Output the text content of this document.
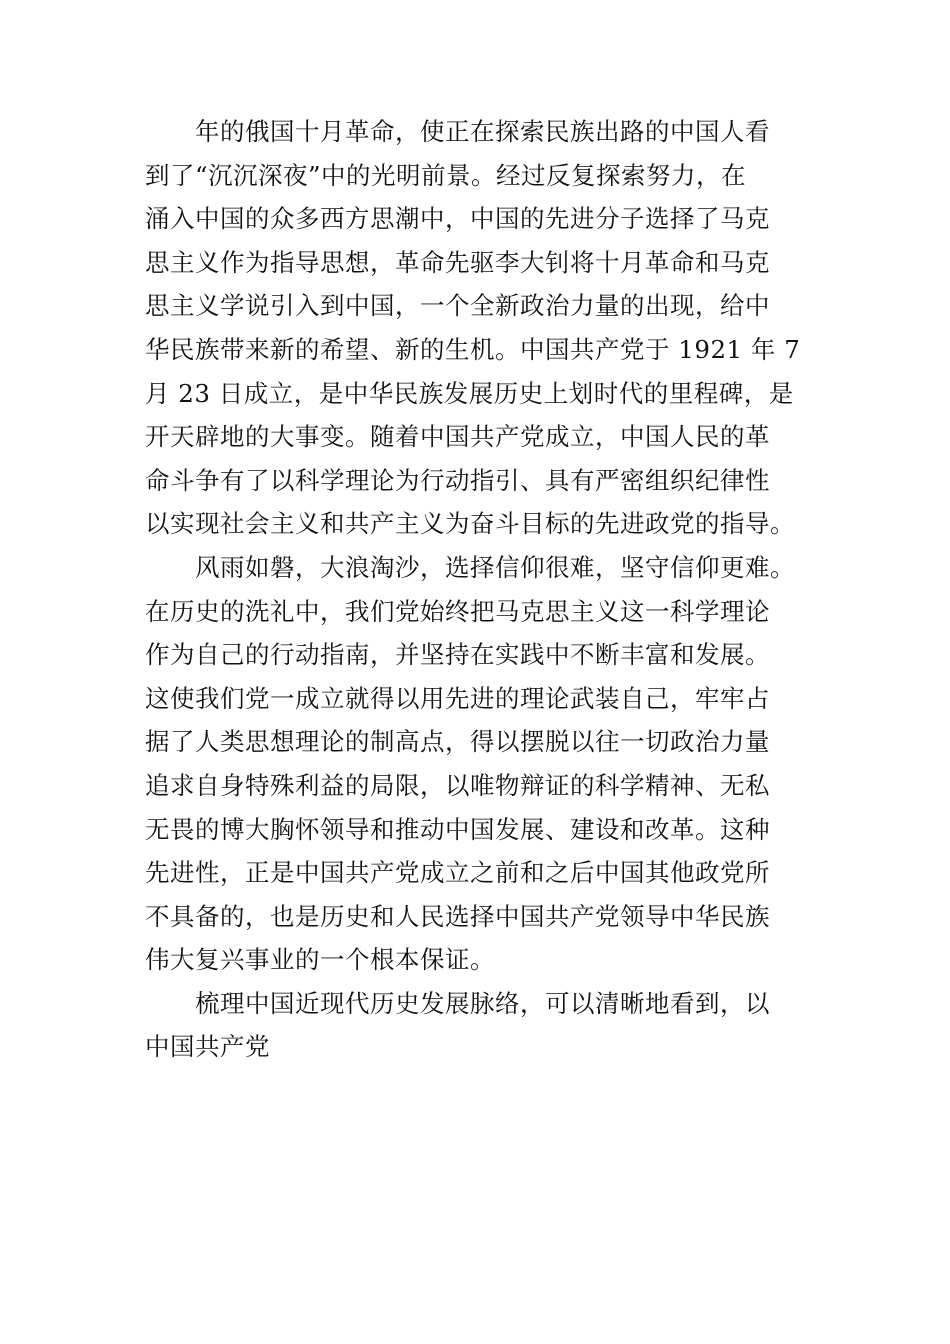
年的俄国十月革命，使正在探索民族出路的中国人看
到了“沉沉深夜”中的光明前景。经过反复探索努力，在
涌入中国的众多西方思潮中，中国的先进分子选择了马克
思主义作为指导思想，革命先驱李大钊将十月革命和马克
思主义学说引入到中国，一个全新政治力量的出现，给中
华民族带来新的希望、新的生机。中国共产党于 1921 年 7
月 23 日成立，是中华民族发展历史上划时代的里程碑，是
开天辟地的大事变。随着中国共产党成立，中国人民的革
命斗争有了以科学理论为行动指引、具有严密组织纪律性
以实现社会主义和共产主义为奋斗目标的先进政党的指导。
风雨如磐，大浪淘沙，选择信仰很难，坚守信仰更难。
在历史的洗礼中，我们党始终把马克思主义这一科学理论
作为自己的行动指南，并坚持在实践中不断丰富和发展。
这使我们党一成立就得以用先进的理论武装自己，牢牢占
据了人类思想理论的制高点，得以摆脱以往一切政治力量
追求自身特殊利益的局限，以唯物辩证的科学精神、无私
无畏的博大胸怀领导和推动中国发展、建设和改革。这种
先进性，正是中国共产党成立之前和之后中国其他政党所
不具备的，也是历史和人民选择中国共产党领导中华民族
伟大复兴事业的一个根本保证。
梳理中国近现代历史发展脉络，可以清晰地看到，以
中国共产党
